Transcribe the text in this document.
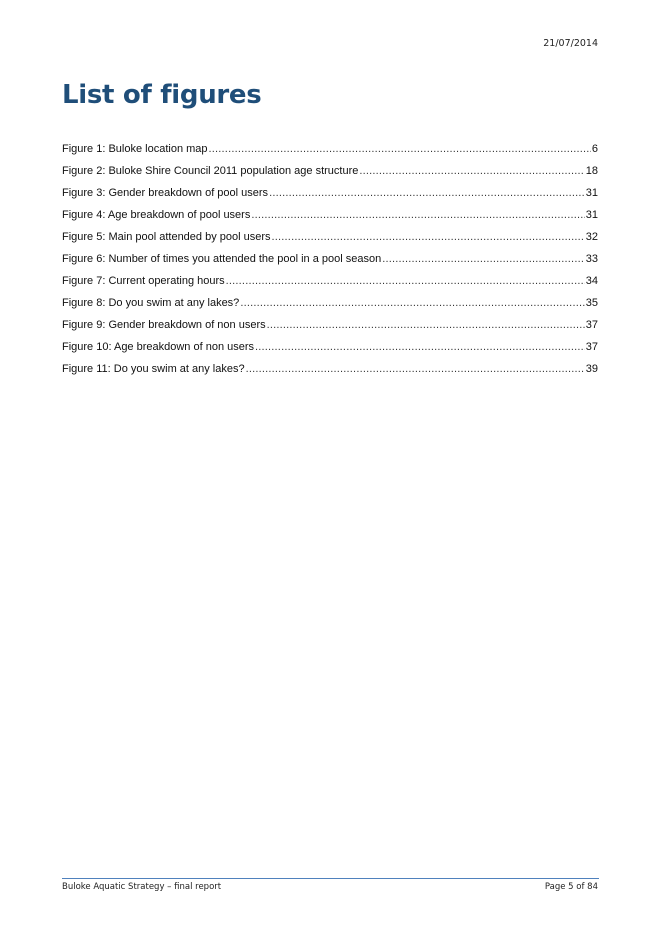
21/07/2014
List of figures
Figure 1: Buloke location map .....	6
Figure 2: Buloke Shire Council 2011 population age structure .....	18
Figure 3: Gender breakdown of pool users .....	31
Figure 4: Age breakdown of pool users .....	31
Figure 5: Main pool attended by pool users .....	32
Figure 6: Number of times you attended the pool in a pool season .....	33
Figure 7: Current operating hours .....	34
Figure 8: Do you swim at any lakes? .....	35
Figure 9: Gender breakdown of non users .....	37
Figure 10: Age breakdown of non users .....	37
Figure 11: Do you swim at any lakes? .....	39
Buloke Aquatic Strategy – final report	Page 5 of 84
